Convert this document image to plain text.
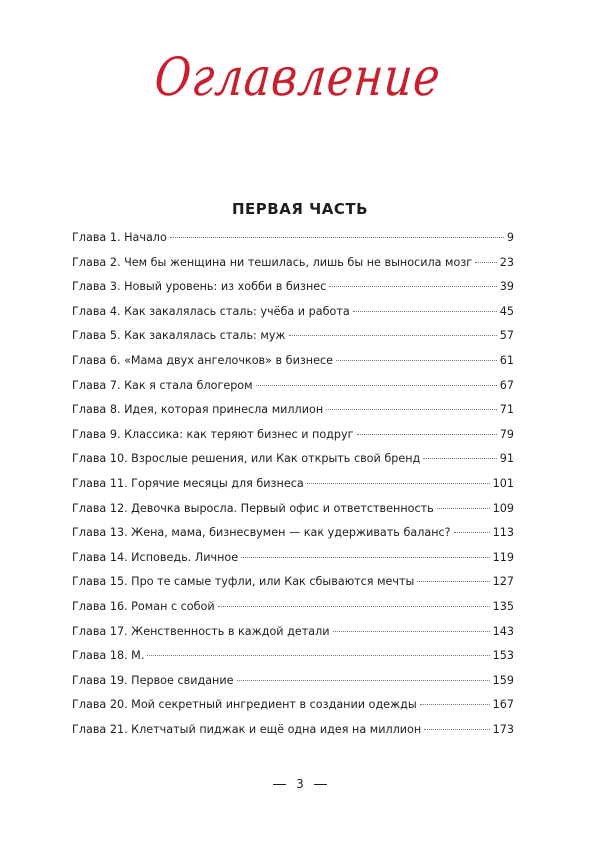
Оглавление
ПЕРВАЯ ЧАСТЬ
Глава 1. Начало	9
Глава 2. Чем бы женщина ни тешилась, лишь бы не выносила мозг 23
Глава 3. Новый уровень: из хобби в бизнес	39
Глава 4. Как закалялась сталь: учёба и работа	45
Глава 5. Как закалялась сталь: муж	57
Глава 6. «Мама двух ангелочков» в бизнесе	61
Глава 7. Как я стала блогером	67
Глава 8. Идея, которая принесла миллион	71
Глава 9. Классика: как теряют бизнес и подруг	79
Глава 10. Взрослые решения, или Как открыть свой бренд	91
Глава 11. Горячие месяцы для бизнеса	101
Глава 12. Девочка выросла. Первый офис и ответственность	109
Глава 13. Жена, мама, бизнесвумен — как удерживать баланс?	113
Глава 14. Исповедь. Личное	119
Глава 15. Про те самые туфли, или Как сбываются мечты	127
Глава 16. Роман с собой	135
Глава 17. Женственность в каждой детали	143
Глава 18. М.	153
Глава 19. Первое свидание	159
Глава 20. Мой секретный ингредиент в создании одежды	167
Глава 21. Клетчатый пиджак и ещё одна идея на миллион	173
3
